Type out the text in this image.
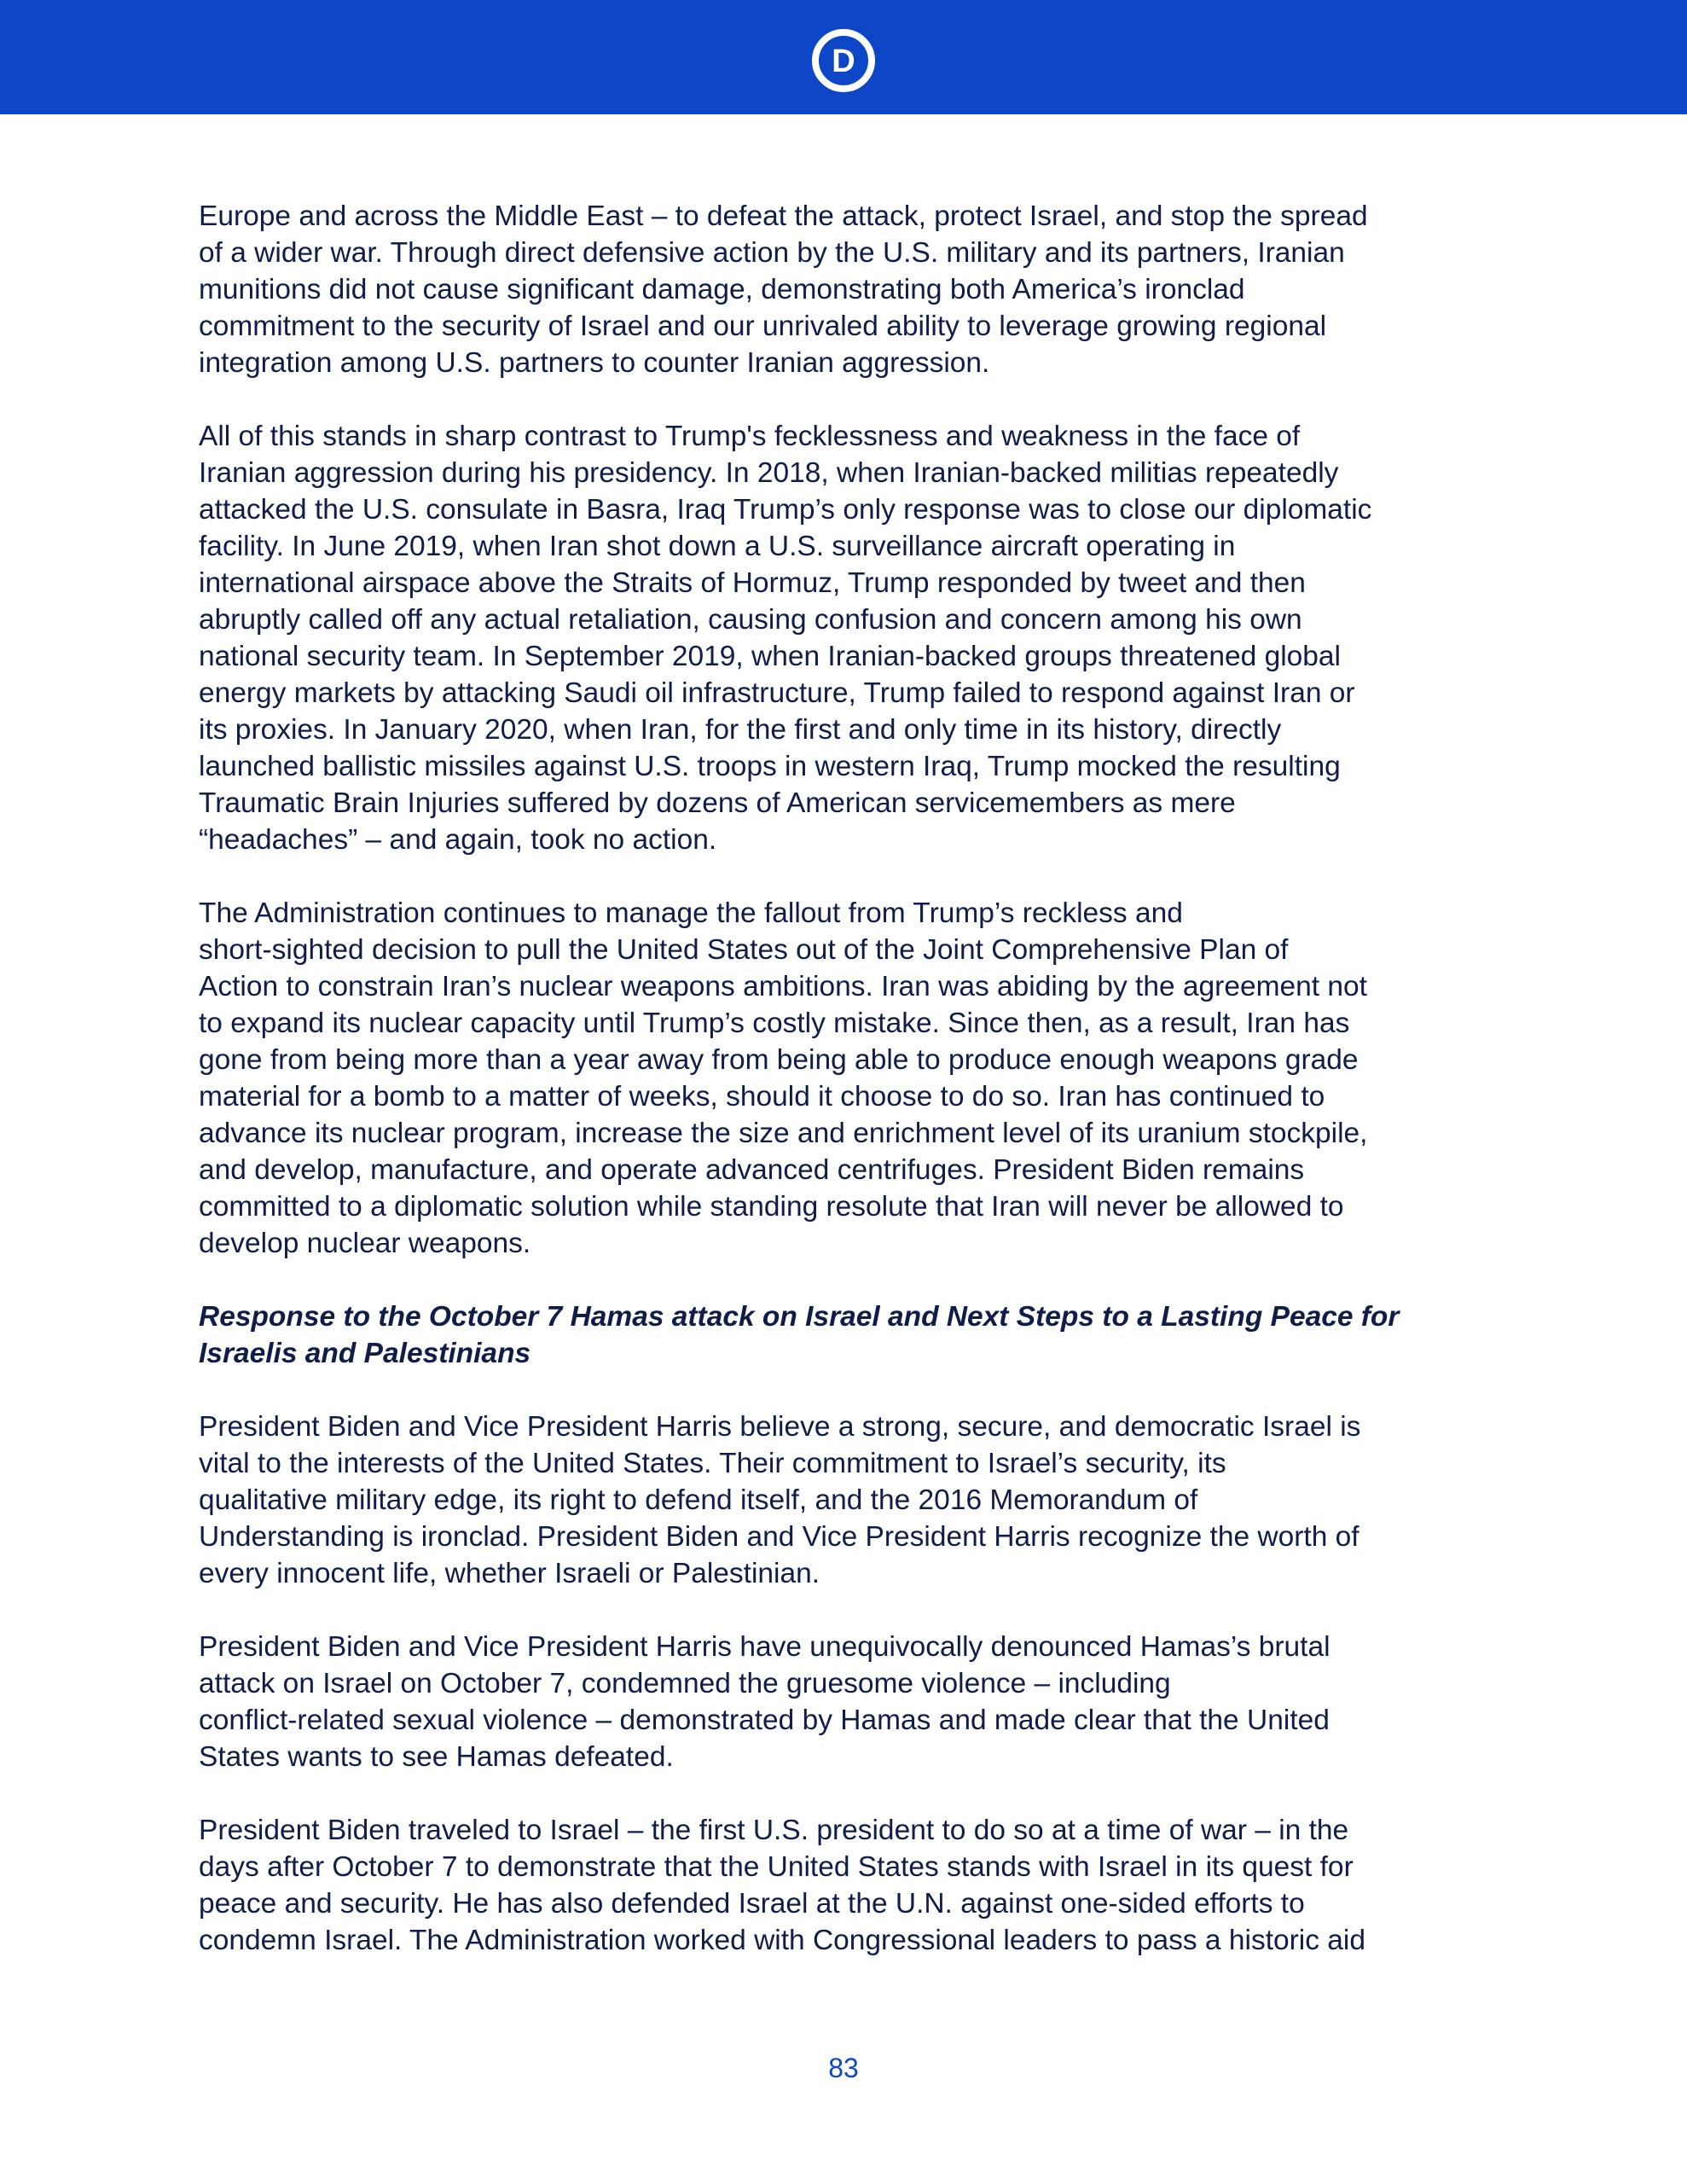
D

Europe and across the Middle East – to defeat the attack, protect Israel, and stop the spread
of a wider war. Through direct defensive action by the U.S. military and its partners, Iranian
munitions did not cause significant damage, demonstrating both America’s ironclad
commitment to the security of Israel and our unrivaled ability to leverage growing regional
integration among U.S. partners to counter Iranian aggression.

All of this stands in sharp contrast to Trump's fecklessness and weakness in the face of
Iranian aggression during his presidency. In 2018, when Iranian-backed militias repeatedly
attacked the U.S. consulate in Basra, Iraq Trump’s only response was to close our diplomatic
facility. In June 2019, when Iran shot down a U.S. surveillance aircraft operating in
international airspace above the Straits of Hormuz, Trump responded by tweet and then
abruptly called off any actual retaliation, causing confusion and concern among his own
national security team. In September 2019, when Iranian-backed groups threatened global
energy markets by attacking Saudi oil infrastructure, Trump failed to respond against Iran or
its proxies. In January 2020, when Iran, for the first and only time in its history, directly
launched ballistic missiles against U.S. troops in western Iraq, Trump mocked the resulting
Traumatic Brain Injuries suffered by dozens of American servicemembers as mere
“headaches” – and again, took no action.

The Administration continues to manage the fallout from Trump’s reckless and
short-sighted decision to pull the United States out of the Joint Comprehensive Plan of
Action to constrain Iran’s nuclear weapons ambitions. Iran was abiding by the agreement not
to expand its nuclear capacity until Trump’s costly mistake. Since then, as a result, Iran has
gone from being more than a year away from being able to produce enough weapons grade
material for a bomb to a matter of weeks, should it choose to do so. Iran has continued to
advance its nuclear program, increase the size and enrichment level of its uranium stockpile,
and develop, manufacture, and operate advanced centrifuges. President Biden remains
committed to a diplomatic solution while standing resolute that Iran will never be allowed to
develop nuclear weapons.

Response to the October 7 Hamas attack on Israel and Next Steps to a Lasting Peace for
Israelis and Palestinians

President Biden and Vice President Harris believe a strong, secure, and democratic Israel is
vital to the interests of the United States. Their commitment to Israel’s security, its
qualitative military edge, its right to defend itself, and the 2016 Memorandum of
Understanding is ironclad. President Biden and Vice President Harris recognize the worth of
every innocent life, whether Israeli or Palestinian.

President Biden and Vice President Harris have unequivocally denounced Hamas’s brutal
attack on Israel on October 7, condemned the gruesome violence – including
conflict-related sexual violence – demonstrated by Hamas and made clear that the United
States wants to see Hamas defeated.

President Biden traveled to Israel – the first U.S. president to do so at a time of war – in the
days after October 7 to demonstrate that the United States stands with Israel in its quest for
peace and security. He has also defended Israel at the U.N. against one-sided efforts to
condemn Israel. The Administration worked with Congressional leaders to pass a historic aid

83
